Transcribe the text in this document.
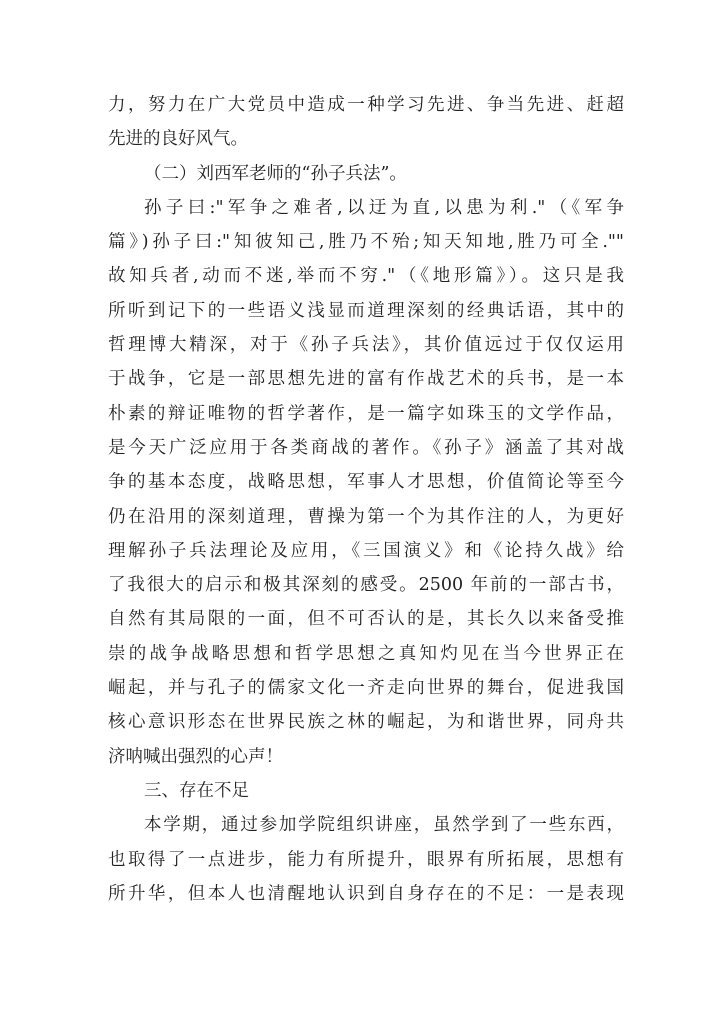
力，努力在广大党员中造成一种学习先进、争当先进、赶超
先进的良好风气。
（二）刘西军老师的“孙子兵法”。
孙子曰:"军争之难者,以迂为直,以患为利."（《军争
篇》)孙子曰:"知彼知己,胜乃不殆;知天知地,胜乃可全.""
故知兵者,动而不迷,举而不穷."（《地形篇》）。这只是我
所听到记下的一些语义浅显而道理深刻的经典话语，其中的
哲理博大精深，对于《孙子兵法》，其价值远过于仅仅运用
于战争，它是一部思想先进的富有作战艺术的兵书，是一本
朴素的辩证唯物的哲学著作，是一篇字如珠玉的文学作品，
是今天广泛应用于各类商战的著作。《孙子》涵盖了其对战
争的基本态度，战略思想，军事人才思想，价值简论等至今
仍在沿用的深刻道理，曹操为第一个为其作注的人，为更好
理解孙子兵法理论及应用，《三国演义》和《论持久战》给
了我很大的启示和极其深刻的感受。2500 年前的一部古书，
自然有其局限的一面，但不可否认的是，其长久以来备受推
崇的战争战略思想和哲学思想之真知灼见在当今世界正在
崛起，并与孔子的儒家文化一齐走向世界的舞台，促进我国
核心意识形态在世界民族之林的崛起，为和谐世界，同舟共
济呐喊出强烈的心声！
三、存在不足
本学期，通过参加学院组织讲座，虽然学到了一些东西，
也取得了一点进步，能力有所提升，眼界有所拓展，思想有
所升华，但本人也清醒地认识到自身存在的不足：一是表现
